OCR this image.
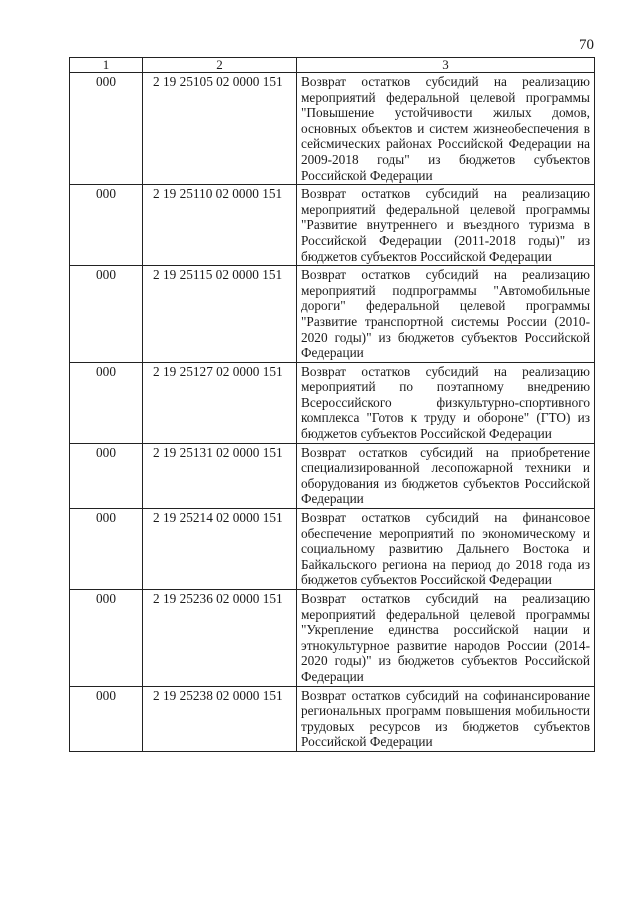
70
1	2	3
000	2 19 25105 02 0000 151	Возврат остатков субсидий на реализацию мероприятий федеральной целевой программы "Повышение устойчивости жилых домов, основных объектов и систем жизнеобеспечения в сейсмических районах Российской Федерации на 2009-2018 годы" из бюджетов субъектов Российской Федерации
000	2 19 25110 02 0000 151	Возврат остатков субсидий на реализацию мероприятий федеральной целевой программы "Развитие внутреннего и въездного туризма в Российской Федерации (2011-2018 годы)" из бюджетов субъектов Российской Федерации
000	2 19 25115 02 0000 151	Возврат остатков субсидий на реализацию мероприятий подпрограммы "Автомобильные дороги" федеральной целевой программы "Развитие транспортной системы России (2010-2020 годы)" из бюджетов субъектов Российской Федерации
000	2 19 25127 02 0000 151	Возврат остатков субсидий на реализацию мероприятий по поэтапному внедрению Всероссийского физкультурно-спортивного комплекса "Готов к труду и обороне" (ГТО) из бюджетов субъектов Российской Федерации
000	2 19 25131 02 0000 151	Возврат остатков субсидий на приобретение специализированной лесопожарной техники и оборудования из бюджетов субъектов Российской Федерации
000	2 19 25214 02 0000 151	Возврат остатков субсидий на финансовое обеспечение мероприятий по экономическому и социальному развитию Дальнего Востока и Байкальского региона на период до 2018 года из бюджетов субъектов Российской Федерации
000	2 19 25236 02 0000 151	Возврат остатков субсидий на реализацию мероприятий федеральной целевой программы "Укрепление единства российской нации и этнокультурное развитие народов России (2014-2020 годы)" из бюджетов субъектов Российской Федерации
000	2 19 25238 02 0000 151	Возврат остатков субсидий на софинансирование региональных программ повышения мобильности трудовых ресурсов из бюджетов субъектов Российской Федерации
